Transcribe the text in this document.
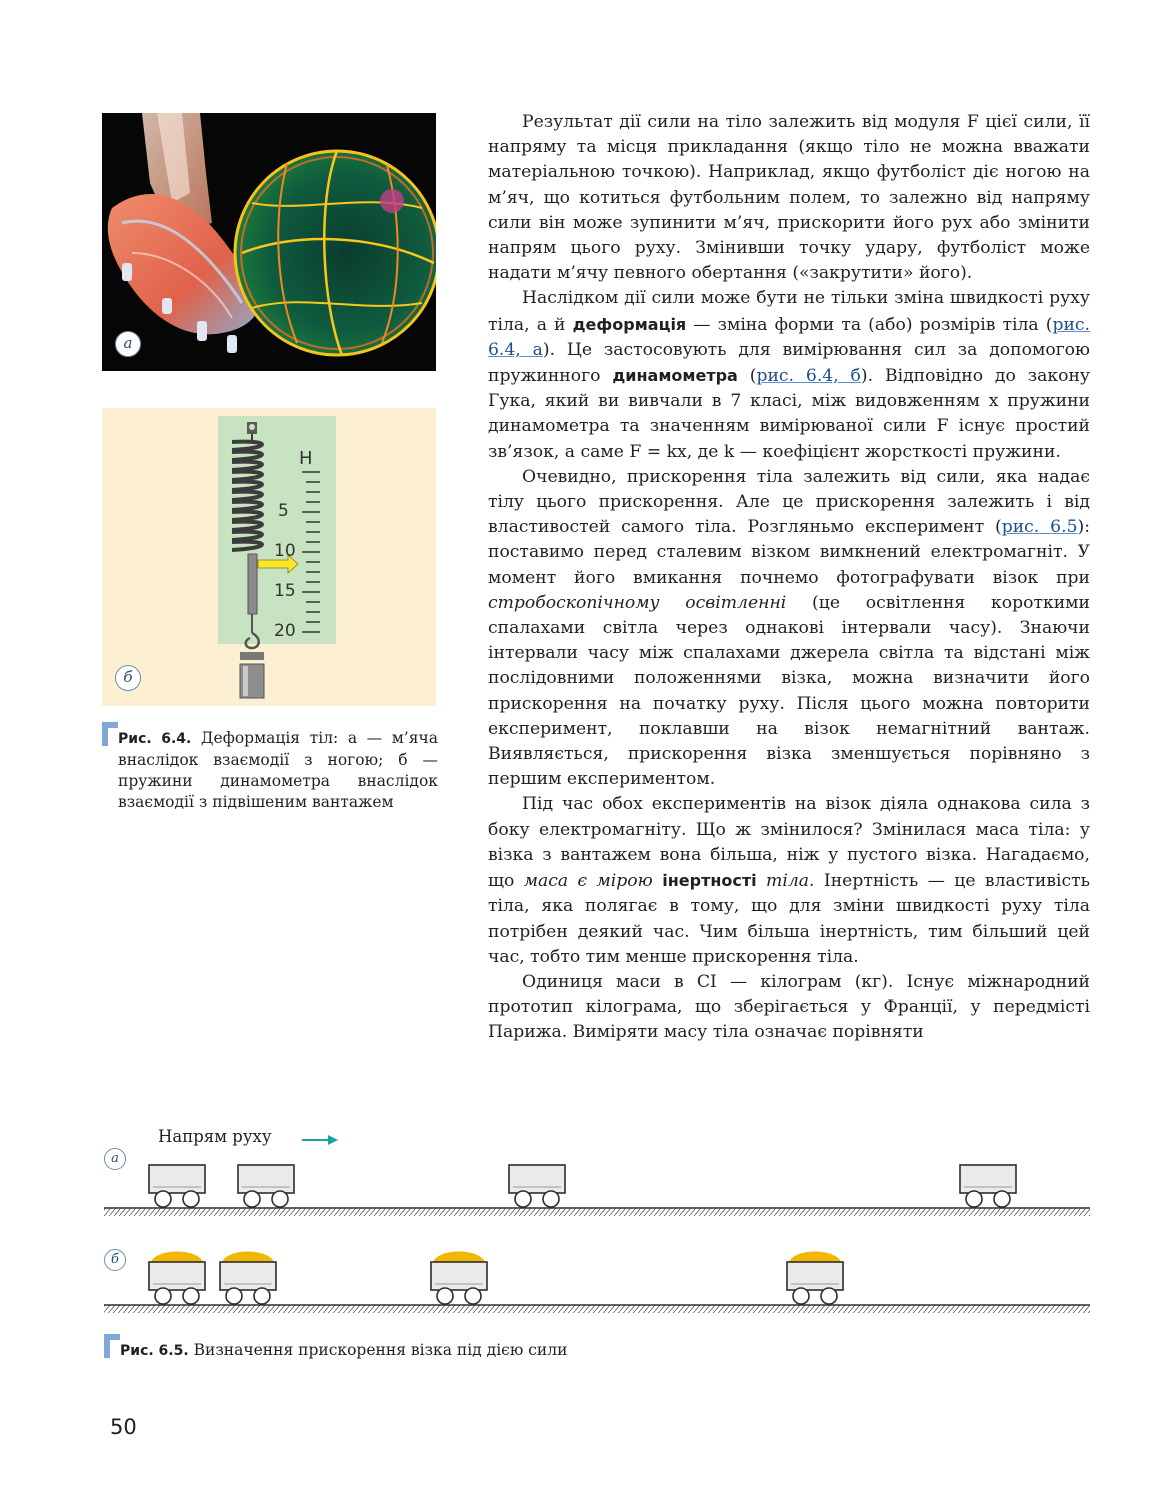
а
Н
5
10
15
20
б
Рис. 6.4. Деформація тіл: а — м’яча внаслідок взаємодії з ногою; б — пружини динамометра внаслідок взаємодії з підвішеним вантажем

Результат дії сили на тіло залежить від модуля F цієї сили, її напряму та місця прикладання (якщо тіло не можна вважати матеріальною точкою). Наприклад, якщо футболіст діє ногою на м’яч, що котиться футбольним полем, то залежно від напряму сили він може зупинити м’яч, прискорити його рух або змінити напрям цього руху. Змінивши точку удару, футболіст може надати м’ячу певного обертання («закрутити» його).

Наслідком дії сили може бути не тільки зміна швидкості руху тіла, а й деформація — зміна форми та (або) розмірів тіла (рис. 6.4, а). Це застосовують для вимірювання сил за допомогою пружинного динамометра (рис. 6.4, б). Відповідно до закону Гука, який ви вивчали в 7 класі, між видовженням x пружини динамометра та значенням вимірюваної сили F існує простий зв’язок, а саме F = kx, де k — коефіцієнт жорсткості пружини.

Очевидно, прискорення тіла залежить від сили, яка надає тілу цього прискорення. Але це прискорення залежить і від властивостей самого тіла. Розгляньмо експеримент (рис. 6.5): поставимо перед сталевим візком вимкнений електромагніт. У момент його вмикання почнемо фотографувати візок при стробоскопічному освітленні (це освітлення короткими спалахами світла через однакові інтервали часу). Знаючи інтервали часу між спалахами джерела світла та відстані між послідовними положеннями візка, можна визначити його прискорення на початку руху. Після цього можна повторити експеримент, поклавши на візок немагнітний вантаж. Виявляється, прискорення візка зменшується порівняно з першим експериментом.

Під час обох експериментів на візок діяла однакова сила з боку електромагніту. Що ж змінилося? Змінилася маса тіла: у візка з вантажем вона більша, ніж у пустого візка. Нагадаємо, що маса є мірою інертності тіла. Інертність — це властивість тіла, яка полягає в тому, що для зміни швидкості руху тіла потрібен деякий час. Чим більша інертність, тим більший цей час, тобто тим менше прискорення тіла.

Одиниця маси в СІ — кілограм (кг). Існує міжнародний прототип кілограма, що зберігається у Франції, у передмісті Парижа. Виміряти масу тіла означає порівняти

Напрям руху
а
б
Рис. 6.5. Визначення прискорення візка під дією сили
50
